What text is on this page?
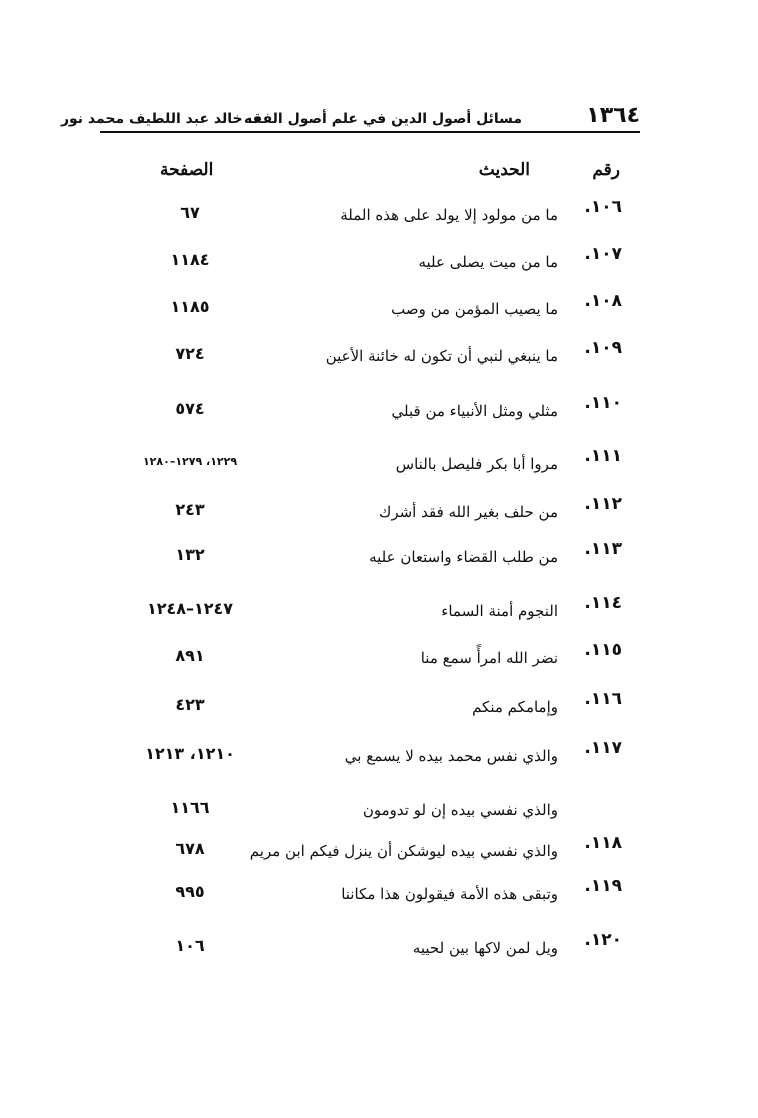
١٣٦٤
مسائل أصول الدين في علم أصول الفقه
د. خالد عبد اللطيف محمد نور
رقم
الحديث
الصفحة
١٠٦.
ما من مولود إلا يولد على هذه الملة
٦٧
١٠٧.
ما من ميت يصلى عليه
١١٨٤
١٠٨.
ما يصيب المؤمن من وصب
١١٨٥
١٠٩.
ما ينبغي لنبي أن تكون له خائنة الأعين
٧٢٤
١١٠.
مثلي ومثل الأنبياء من قبلي
٥٧٤
١١١.
مروا أبا بكر فليصل بالناس
١٢٢٩، ١٢٧٩–١٢٨٠
١١٢.
من حلف بغير الله فقد أشرك
٢٤٣
١١٣.
من طلب القضاء واستعان عليه
١٣٢
١١٤.
النجوم أمنة السماء
١٢٤٧–١٢٤٨
١١٥.
نضر الله امرأً سمع منا
٨٩١
١١٦.
وإمامكم منكم
٤٢٣
١١٧.
والذي نفس محمد بيده لا يسمع بي
١٢١٠، ١٢١٣
والذي نفسي بيده إن لو تدومون
١١٦٦
١١٨.
والذي نفسي بيده ليوشكن أن ينزل فيكم ابن مريم
٦٧٨
١١٩.
وتبقى هذه الأمة فيقولون هذا مكاننا
٩٩٥
١٢٠.
ويل لمن لاكها بين لحييه
١٠٦
